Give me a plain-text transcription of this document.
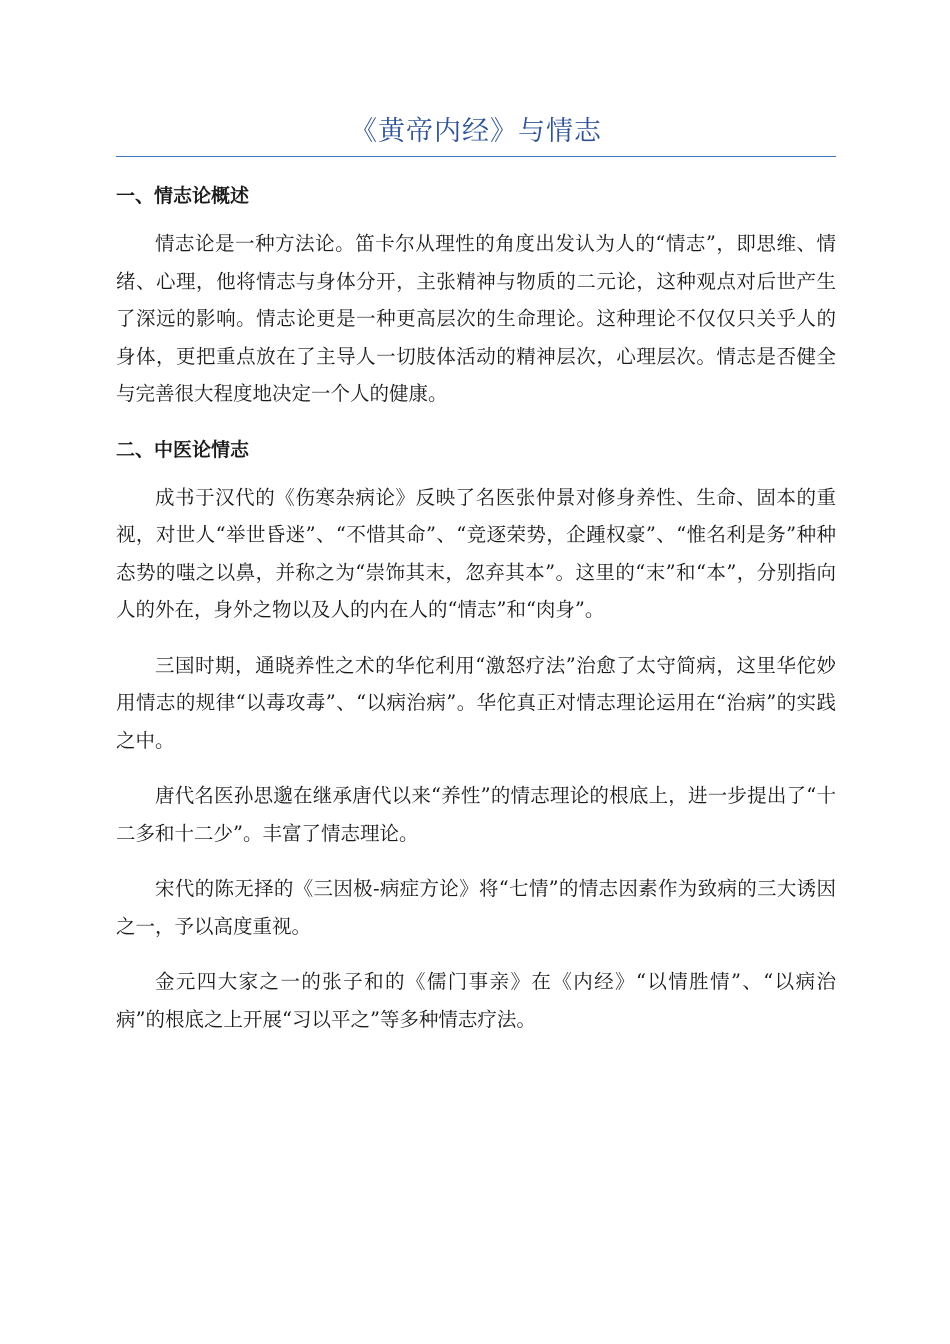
《黄帝内经》与情志
一、情志论概述

情志论是一种方法论。笛卡尔从理性的角度出发认为人的“情志”，即思维、情绪、心理，他将情志与身体分开，主张精神与物质的二元论，这种观点对后世产生了深远的影响。情志论更是一种更高层次的生命理论。这种理论不仅仅只关乎人的身体，更把重点放在了主导人一切肢体活动的精神层次，心理层次。情志是否健全与完善很大程度地决定一个人的健康。

二、中医论情志

成书于汉代的《伤寒杂病论》反映了名医张仲景对修身养性、生命、固本的重视，对世人“举世昏迷”、“不惜其命”、“竞逐荣势，企踵权豪”、“惟名利是务”种种态势的嗤之以鼻，并称之为“崇饰其末，忽弃其本”。这里的“末”和“本”，分别指向人的外在，身外之物以及人的内在人的“情志”和“肉身”。

三国时期，通晓养性之术的华佗利用“激怒疗法”治愈了太守简病，这里华佗妙用情志的规律“以毒攻毒”、“以病治病”。华佗真正对情志理论运用在“治病”的实践之中。

唐代名医孙思邈在继承唐代以来“养性”的情志理论的根底上，进一步提出了“十二多和十二少”。丰富了情志理论。

宋代的陈无择的《三因极-病症方论》将“七情”的情志因素作为致病的三大诱因之一，予以高度重视。

金元四大家之一的张子和的《儒门事亲》在《内经》“以情胜情”、“以病治病”的根底之上开展“习以平之”等多种情志疗法。
